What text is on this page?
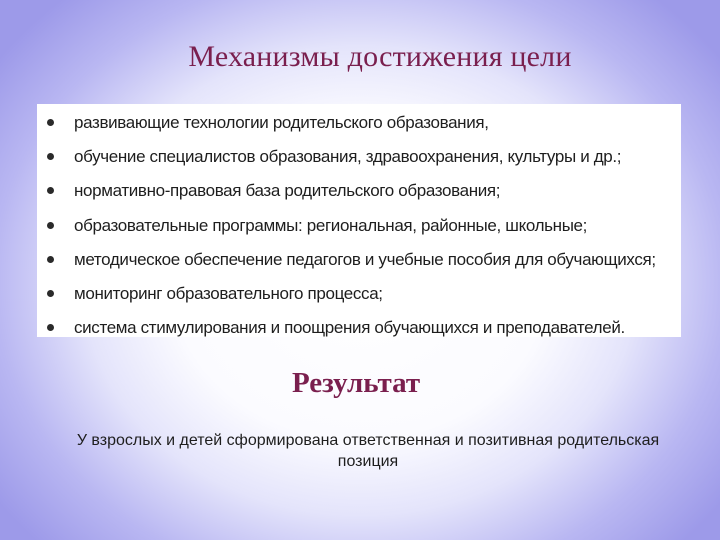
Механизмы достижения цели
развивающие технологии родительского образования,
обучение специалистов образования, здравоохранения, культуры и др.;
нормативно-правовая база родительского образования;
образовательные программы: региональная, районные, школьные;
методическое обеспечение педагогов и учебные пособия для обучающихся;
мониторинг образовательного процесса;
система стимулирования и поощрения обучающихся и преподавателей.
Результат
У взрослых и детей сформирована ответственная и позитивная родительская позиция
